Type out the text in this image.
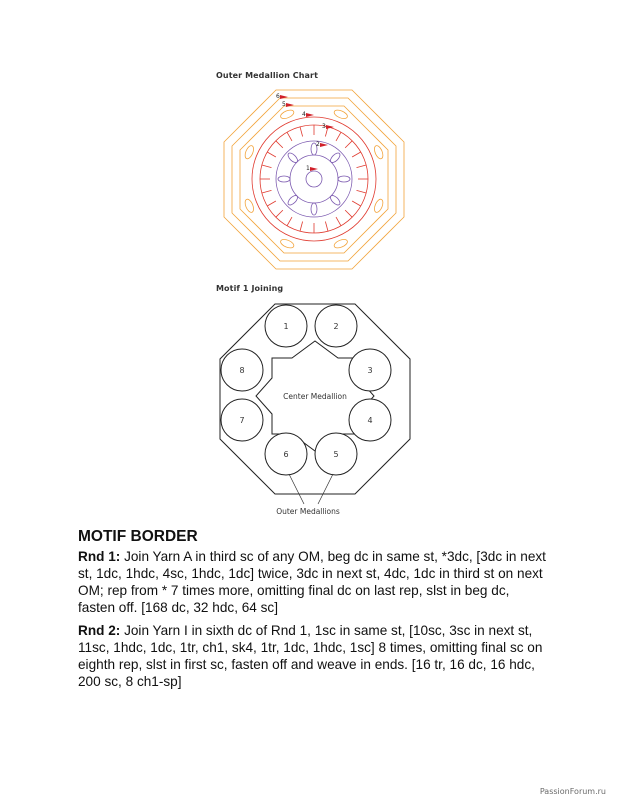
Outer Medallion Chart
6
5
4
3
2
1
Motif 1 Joining
1	2
3
4
5
6
7
8
Center Medallion
Outer Medallions
MOTIF BORDER

Rnd 1: Join Yarn A in third sc of any OM, beg dc in same st, *3dc, [3dc in next st, 1dc, 1hdc, 4sc, 1hdc, 1dc] twice, 3dc in next st, 4dc, 1dc in third st on next OM; rep from * 7 times more, omitting final dc on last rep, slst in beg dc, fasten off. [168 dc, 32 hdc, 64 sc]

Rnd 2: Join Yarn I in sixth dc of Rnd 1, 1sc in same st, [10sc, 3sc in next st, 11sc, 1hdc, 1dc, 1tr, ch1, sk4, 1tr, 1dc, 1hdc, 1sc] 8 times, omitting final sc on eighth rep, slst in first sc, fasten off and weave in ends. [16 tr, 16 dc, 16 hdc, 200 sc, 8 ch1-sp]

PassionForum.ru
